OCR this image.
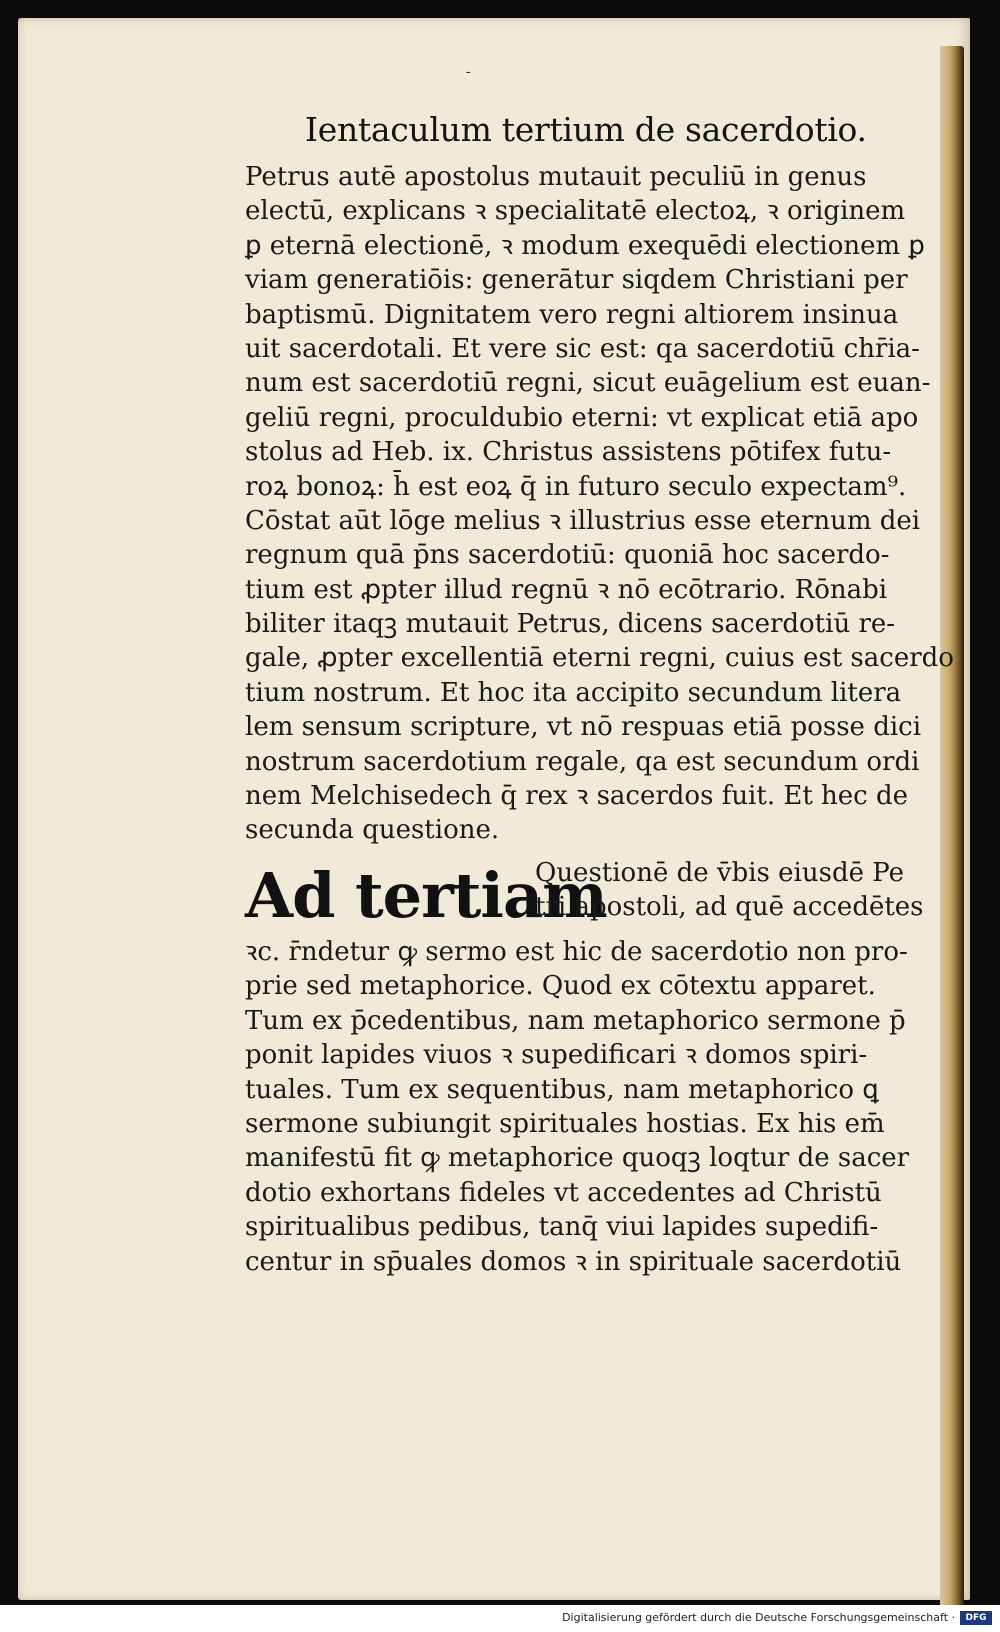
-
Ientaculum tertium de sacerdotio.
Petrus autē apostolus mutauit peculiū in genus
electū, explicans ꝛ specialitatē electoꝝ, ꝛ originem
ꝑ eternā electionē, ꝛ modum exequēdi electionem ꝑ
viam generatiōis: generātur siqdem Christiani per
baptismū. Dignitatem vero regni altiorem insinua
uit sacerdotali. Et vere sic est: qa sacerdotiū chr̄ia-
num est sacerdotiū regni, sicut euāgelium est euan-
geliū regni, proculdubio eterni: vt explicat etiā apo
stolus ad Heb. ix. Christus assistens pōtifex futu-
roꝝ bonoꝝ: h̄ est eoꝝ q̄ in futuro seculo expectam⁹.
Cōstat aūt lōge melius ꝛ illustrius esse eternum dei
regnum quā p̄ns sacerdotiū: quoniā hoc sacerdo-
tium est ꝓpter illud regnū ꝛ nō ecōtrario. Rōnabi
biliter itaqꝫ mutauit Petrus, dicens sacerdotiū re-
gale, ꝓpter excellentiā eterni regni, cuius est sacerdo
tium nostrum. Et hoc ita accipito secundum litera
lem sensum scripture, vt nō respuas etiā posse dici
nostrum sacerdotium regale, qa est secundum ordi
nem Melchisedech q̄ rex ꝛ sacerdos fuit. Et hec de
secunda questione.
Ad tertiam
Questionē de v̄bis eiusdē Pe
tri apostoli, ad quē accedētes
ꝛc. r̄ndetur ꝙ sermo est hic de sacerdotio non pro-
prie sed metaphorice. Quod ex cōtextu apparet.
Tum ex p̄cedentibus, nam metaphorico sermone p̄
ponit lapides viuos ꝛ supedificari ꝛ domos spiri-
tuales. Tum ex sequentibus, nam metaphorico ꝗ
sermone subiungit spirituales hostias. Ex his em̄
manifestū fit ꝙ metaphorice quoqꝫ loqtur de sacer
dotio exhortans fideles vt accedentes ad Christū
spiritualibus pedibus, tanq̄ viui lapides supedifi-
centur in sp̄uales domos ꝛ in spirituale sacerdotiū
Digitalisierung gefördert durch die Deutsche Forschungsgemeinschaft ·	DFG
